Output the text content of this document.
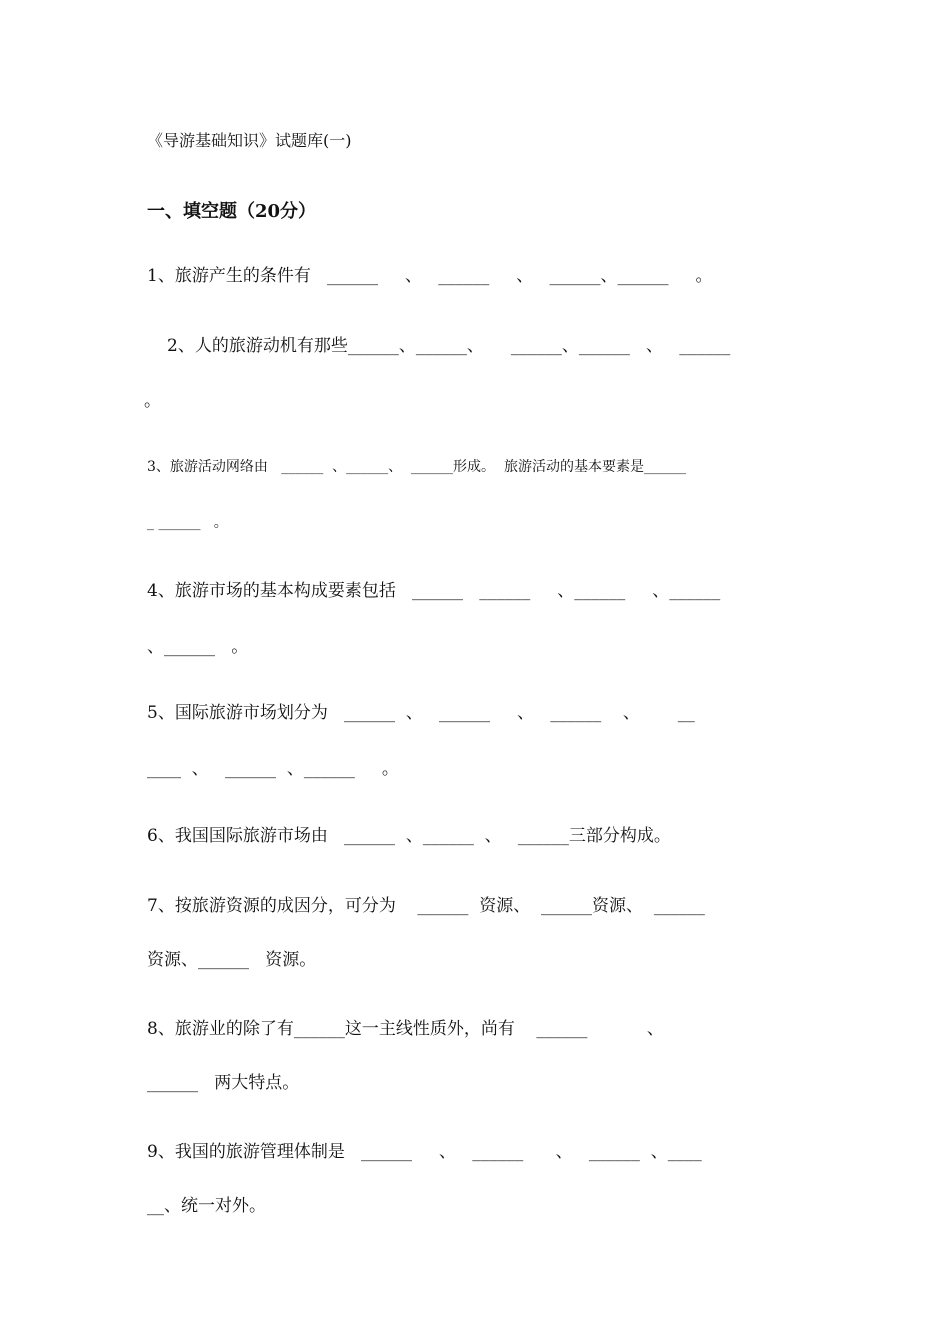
《导游基础知识》试题库(一)
一、填空题（20分）
1、旅游产生的条件有   ______     、   ______     、   ______、______     。
2、人的旅游动机有那些______、______、     ______、______   、   ______
。
3、旅游活动网络由   ______  、______、  ______形成。  旅游活动的基本要素是______
_ ______   。
4、旅游市场的基本构成要素包括   ______   ______     、______     、______
、______   。
5、国际旅游市场划分为   ______  、   ______     、   ______    、       __
____  、   ______  、______     。
6、我国国际旅游市场由   ______  、______  、   ______三部分构成。
7、按旅游资源的成因分，可分为    ______  资源、  ______资源、  ______
资源、______   资源。
8、旅游业的除了有______这一主线性质外，尚有    ______           、
______   两大特点。
9、我国的旅游管理体制是   ______     、   ______      、   ______  、____
__、统一对外。
